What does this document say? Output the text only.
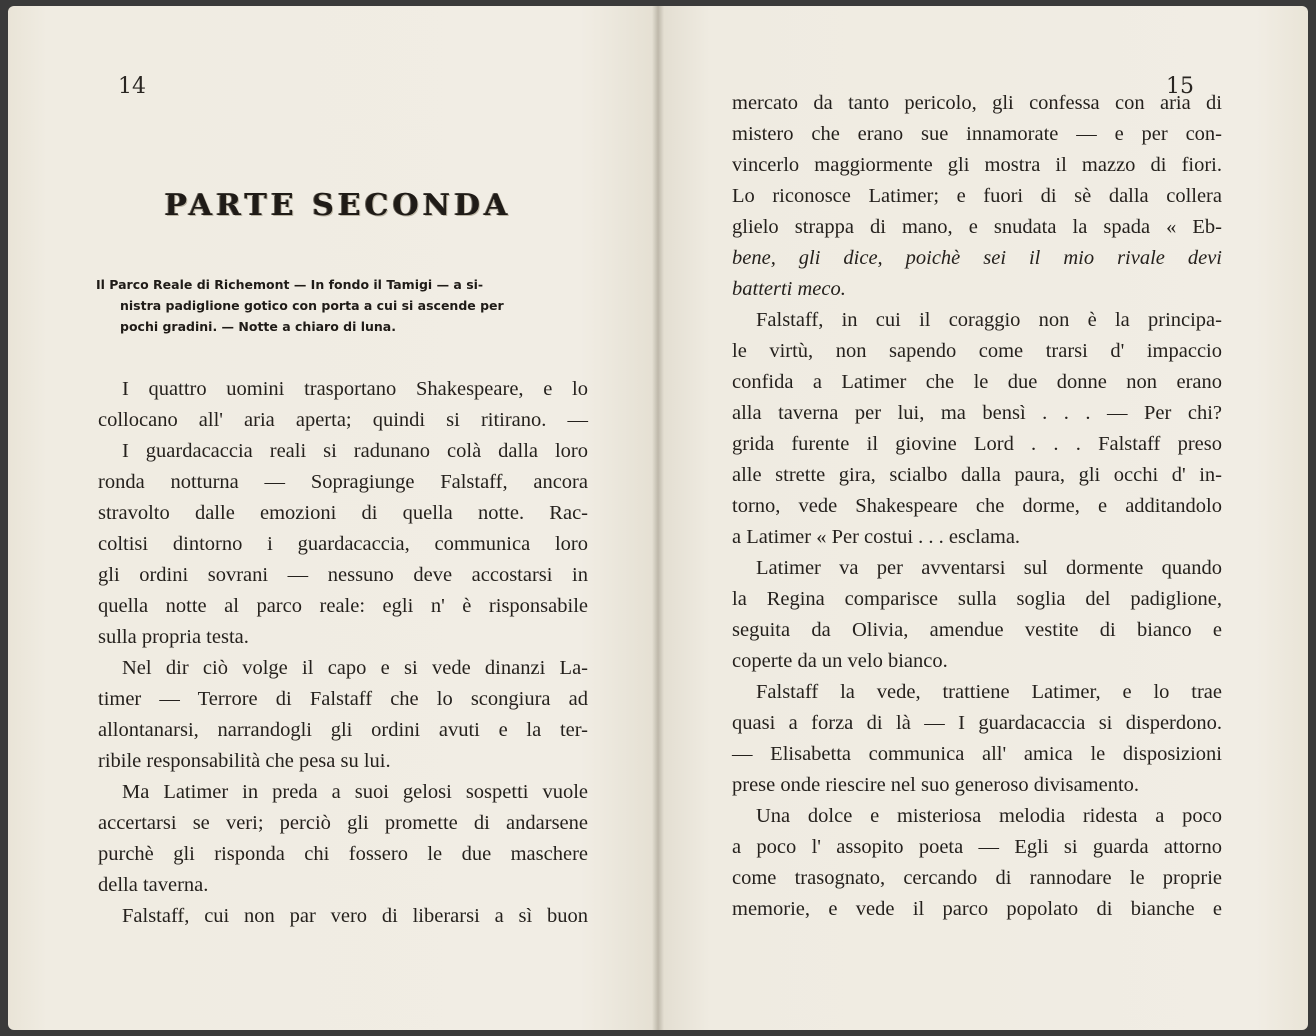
14
PARTE SECONDA
Il Parco Reale di Richemont — In fondo il Tamigi — a si-
nistra padiglione gotico con porta a cui si ascende per
pochi gradini. — Notte a chiaro di luna.
15
I quattro uomini trasportano Shakespeare, e lo
collocano all' aria aperta; quindi si ritirano. —
I guardacaccia reali si radunano colà dalla loro
ronda notturna — Sopragiunge Falstaff, ancora
stravolto dalle emozioni di quella notte. Rac-
coltisi dintorno i guardacaccia, communica loro
gli ordini sovrani — nessuno deve accostarsi in
quella notte al parco reale: egli n' è risponsabile
sulla propria testa.
Nel dir ciò volge il capo e si vede dinanzi La-
timer — Terrore di Falstaff che lo scongiura ad
allontanarsi, narrandogli gli ordini avuti e la ter-
ribile responsabilità che pesa su lui.
Ma Latimer in preda a suoi gelosi sospetti vuole
accertarsi se veri; perciò gli promette di andarsene
purchè gli risponda chi fossero le due maschere
della taverna.
Falstaff, cui non par vero di liberarsi a sì buon
mercato da tanto pericolo, gli confessa con aria di
mistero che erano sue innamorate — e per con-
vincerlo maggiormente gli mostra il mazzo di fiori.
Lo riconosce Latimer; e fuori di sè dalla collera
glielo strappa di mano, e snudata la spada « Eb-
bene, gli dice, poichè sei il mio rivale devi
batterti meco.
Falstaff, in cui il coraggio non è la principa-
le virtù, non sapendo come trarsi d' impaccio
confida a Latimer che le due donne non erano
alla taverna per lui, ma bensì . . . — Per chi?
grida furente il giovine Lord . . . Falstaff preso
alle strette gira, scialbo dalla paura, gli occhi d' in-
torno, vede Shakespeare che dorme, e additandolo
a Latimer « Per costui . . . esclama.
Latimer va per avventarsi sul dormente quando
la Regina comparisce sulla soglia del padiglione,
seguita da Olivia, amendue vestite di bianco e
coperte da un velo bianco.
Falstaff la vede, trattiene Latimer, e lo trae
quasi a forza di là — I guardacaccia si disperdono.
— Elisabetta communica all' amica le disposizioni
prese onde riescire nel suo generoso divisamento.
Una dolce e misteriosa melodia ridesta a poco
a poco l' assopito poeta — Egli si guarda attorno
come trasognato, cercando di rannodare le proprie
memorie, e vede il parco popolato di bianche e
